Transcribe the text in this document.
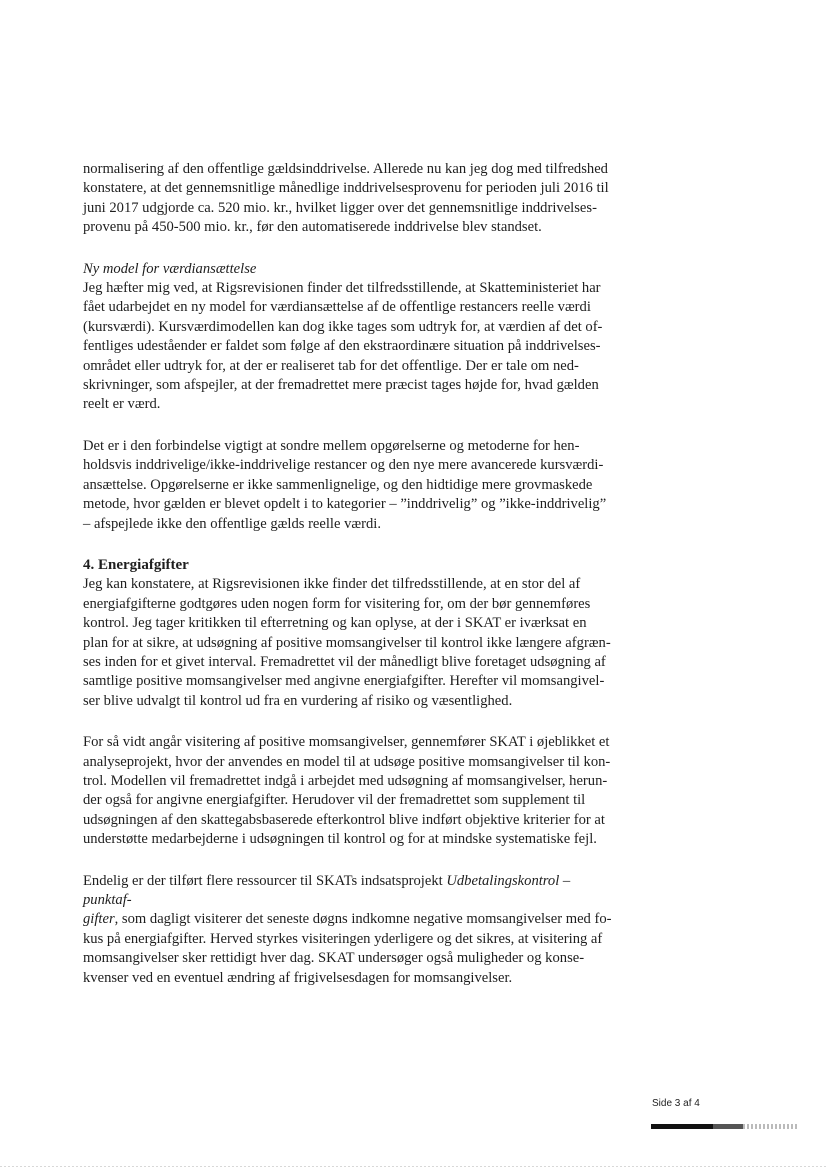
normalisering af den offentlige gældsinddrivelse. Allerede nu kan jeg dog med tilfredshed
konstatere, at det gennemsnitlige månedlige inddrivelsesprovenu for perioden juli 2016 til
juni 2017 udgjorde ca. 520 mio. kr., hvilket ligger over det gennemsnitlige inddrivelses-
provenu på 450-500 mio. kr., før den automatiserede inddrivelse blev standset.

Ny model for værdiansættelse

Jeg hæfter mig ved, at Rigsrevisionen finder det tilfredsstillende, at Skatteministeriet har
fået udarbejdet en ny model for værdiansættelse af de offentlige restancers reelle værdi
(kursværdi). Kursværdimodellen kan dog ikke tages som udtryk for, at værdien af det of-
fentliges udeståender er faldet som følge af den ekstraordinære situation på inddrivelses-
området eller udtryk for, at der er realiseret tab for det offentlige. Der er tale om ned-
skrivninger, som afspejler, at der fremadrettet mere præcist tages højde for, hvad gælden
reelt er værd.

Det er i den forbindelse vigtigt at sondre mellem opgørelserne og metoderne for hen-
holdsvis inddrivelige/ikke-inddrivelige restancer og den nye mere avancerede kursværdi-
ansættelse. Opgørelserne er ikke sammenlignelige, og den hidtidige mere grovmaskede
metode, hvor gælden er blevet opdelt i to kategorier – ”inddrivelig” og ”ikke-inddrivelig”
– afspejlede ikke den offentlige gælds reelle værdi.

4. Energiafgifter

Jeg kan konstatere, at Rigsrevisionen ikke finder det tilfredsstillende, at en stor del af
energiafgifterne godtgøres uden nogen form for visitering for, om der bør gennemføres
kontrol. Jeg tager kritikken til efterretning og kan oplyse, at der i SKAT er iværksat en
plan for at sikre, at udsøgning af positive momsangivelser til kontrol ikke længere afgræn-
ses inden for et givet interval. Fremadrettet vil der månedligt blive foretaget udsøgning af
samtlige positive momsangivelser med angivne energiafgifter. Herefter vil momsangivel-
ser blive udvalgt til kontrol ud fra en vurdering af risiko og væsentlighed.

For så vidt angår visitering af positive momsangivelser, gennemfører SKAT i øjeblikket et
analyseprojekt, hvor der anvendes en model til at udsøge positive momsangivelser til kon-
trol. Modellen vil fremadrettet indgå i arbejdet med udsøgning af momsangivelser, herun-
der også for angivne energiafgifter. Herudover vil der fremadrettet som supplement til
udsøgningen af den skattegabsbaserede efterkontrol blive indført objektive kriterier for at
understøtte medarbejderne i udsøgningen til kontrol og for at mindske systematiske fejl.

Endelig er der tilført flere ressourcer til SKATs indsatsprojekt Udbetalingskontrol – punktaf-
gifter, som dagligt visiterer det seneste døgns indkomne negative momsangivelser med fo-
kus på energiafgifter. Herved styrkes visiteringen yderligere og det sikres, at visitering af
momsangivelser sker rettidigt hver dag. SKAT undersøger også muligheder og konse-
kvenser ved en eventuel ændring af frigivelsesdagen for momsangivelser.

Side 3 af 4
